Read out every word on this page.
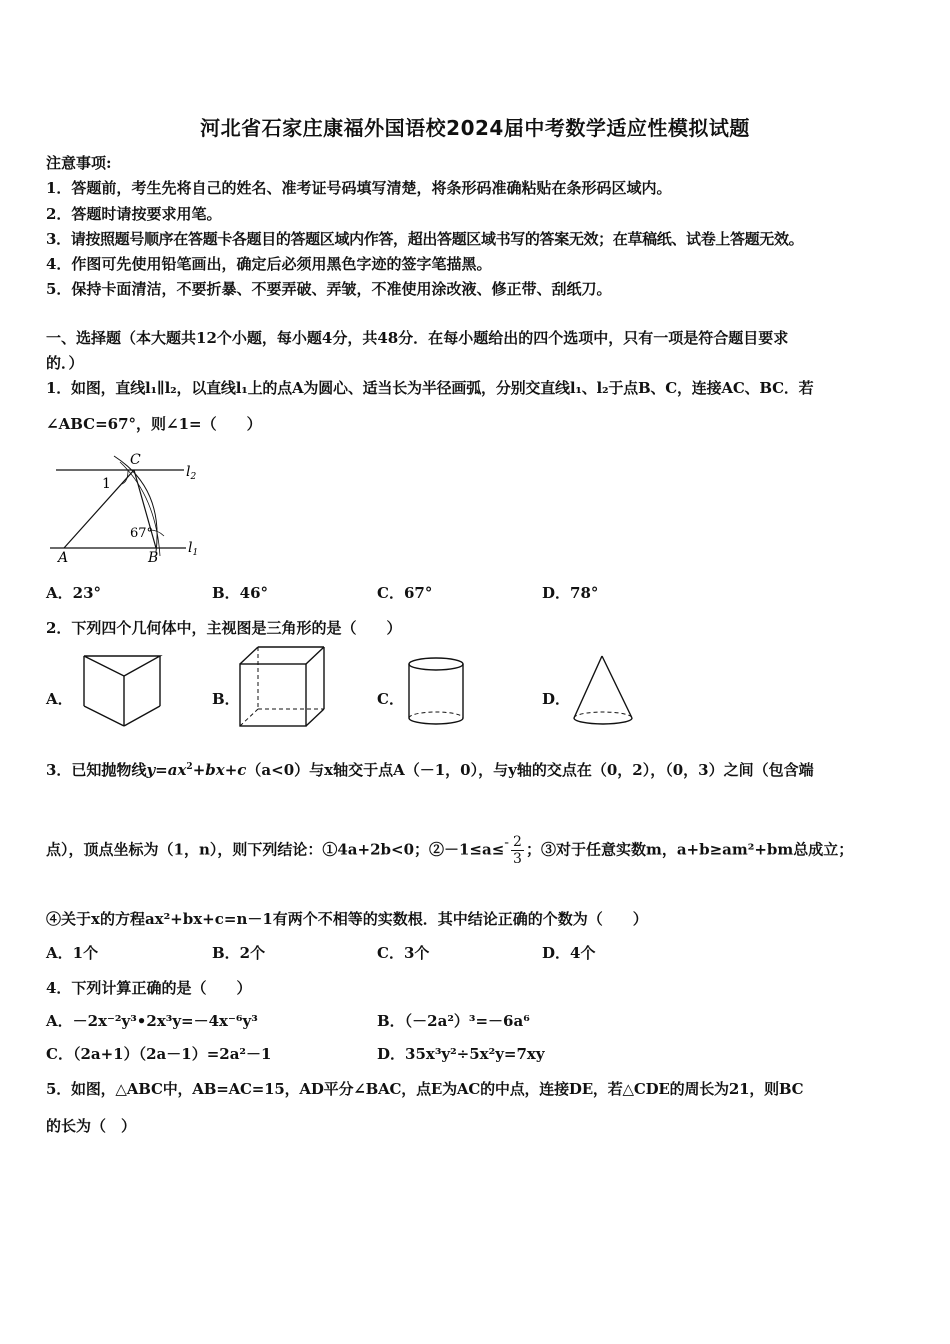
河北省石家庄康福外国语校2024届中考数学适应性模拟试题
注意事项:
1．答题前，考生先将自己的姓名、准考证号码填写清楚，将条形码准确粘贴在条形码区域内。
2．答题时请按要求用笔。
3．请按照题号顺序在答题卡各题目的答题区域内作答，超出答题区域书写的答案无效；在草稿纸、试卷上答题无效。
4．作图可先使用铅笔画出，确定后必须用黑色字迹的签字笔描黑。
5．保持卡面清洁，不要折暴、不要弄破、弄皱，不准使用涂改液、修正带、刮纸刀。
一、选择题（本大题共12个小题，每小题4分，共48分．在每小题给出的四个选项中，只有一项是符合题目要求
的．）
1．如图，直线l₁∥l₂，以直线l₁上的点A为圆心、适当长为半径画弧，分别交直线l₁、l₂于点B、C，连接AC、BC．若
∠ABC=67°，则∠1=（　　）
C
$l_2$
1
67°
A	B
$l_1$
A．23°	B．46°	C．67°	D．78°
2．下列四个几何体中，主视图是三角形的是（　　）
A．	B．	C．	D．
3．已知抛物线$y=ax^2+bx+c(a<0)$与x轴交于点A（－1，0），与y轴的交点在（0，2），（0，3）之间（包含端
点），顶点坐标为（1，n），则下列结论：①4a+2b<0；②－1≤a≤- $\frac{2}{3}$ ；③对于任意实数m，a+b≥am²+bm总成立；
④关于x的方程ax²+bx+c=n－1有两个不相等的实数根．其中结论正确的个数为（　　）
A．1个	B．2个	C．3个	D．4个
4．下列计算正确的是（　　）
A．－2x⁻²y³•2x³y=－4x⁻⁶y³	B．（－2a²）³=－6a⁶
C．（2a+1）（2a－1）=2a²－1	D．35x³y²÷5x²y=7xy
5．如图，△ABC中，AB=AC=15，AD平分∠BAC，点E为AC的中点，连接DE，若△CDE的周长为21，则BC
的长为（　）
